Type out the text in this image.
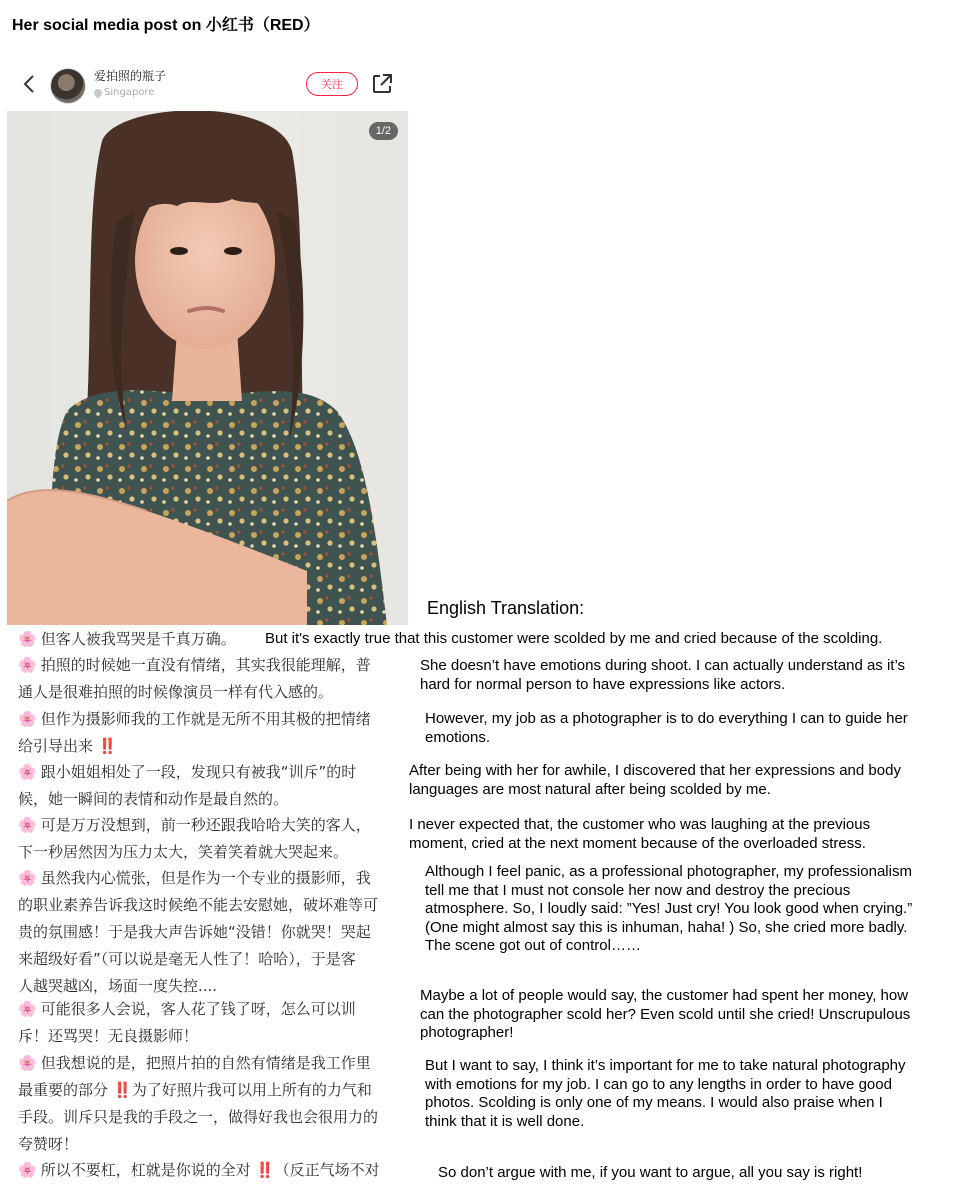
Her social media post on 小红书（RED）
爱拍照的瓶子
Singapore
关注
1/2
English Translation:
🌸 但客人被我骂哭是千真万确。 But it's exactly true that this customer were scolded by me and cried because of the scolding.
🌸 拍照的时候她一直没有情绪，其实我很能理解，普
通人是很难拍照的时候像演员一样有代入感的。
She doesn’t have emotions during shoot. I can actually understand as it’s
hard for normal person to have expressions like actors.
🌸 但作为摄影师我的工作就是无所不用其极的把情绪
给引导出来 ‼️
However, my job as a photographer is to do everything I can to guide her
emotions.
🌸 跟小姐姐相处了一段，发现只有被我“训斥”的时
候，她一瞬间的表情和动作是最自然的。
After being with her for awhile, I discovered that her expressions and body
languages are most natural after being scolded by me.
🌸 可是万万没想到，前一秒还跟我哈哈大笑的客人，
下一秒居然因为压力太大，笑着笑着就大哭起来。
I never expected that, the customer who was laughing at the previous
moment, cried at the next moment because of the overloaded stress.
🌸 虽然我内心慌张，但是作为一个专业的摄影师，我
的职业素养告诉我这时候绝不能去安慰她，破坏难等可
贵的氛围感！于是我大声告诉她“没错！你就哭！哭起
来超级好看”（可以说是毫无人性了！哈哈），于是客
人越哭越凶，场面一度失控....
Although I feel panic, as a professional photographer, my professionalism
tell me that I must not console her now and destroy the precious
atmosphere. So, I loudly said: ”Yes! Just cry! You look good when crying.”
(One might almost say this is inhuman, haha! ) So, she cried more badly.
The scene got out of control……
🌸 可能很多人会说，客人花了钱了呀，怎么可以训
斥！还骂哭！无良摄影师！
Maybe a lot of people would say, the customer had spent her money, how
can the photographer scold her? Even scold until she cried! Unscrupulous
photographer!
🌸 但我想说的是，把照片拍的自然有情绪是我工作里
最重要的部分 ‼️为了好照片我可以用上所有的力气和
手段。训斥只是我的手段之一，做得好我也会很用力的
夸赞呀！
But I want to say, I think it’s important for me to take natural photography
with emotions for my job. I can go to any lengths in order to have good
photos. Scolding is only one of my means. I would also praise when I
think that it is well done.
🌸 所以不要杠，杠就是你说的全对 ‼️（反正气场不对	So don’t argue with me, if you want to argue, all you say is right!
